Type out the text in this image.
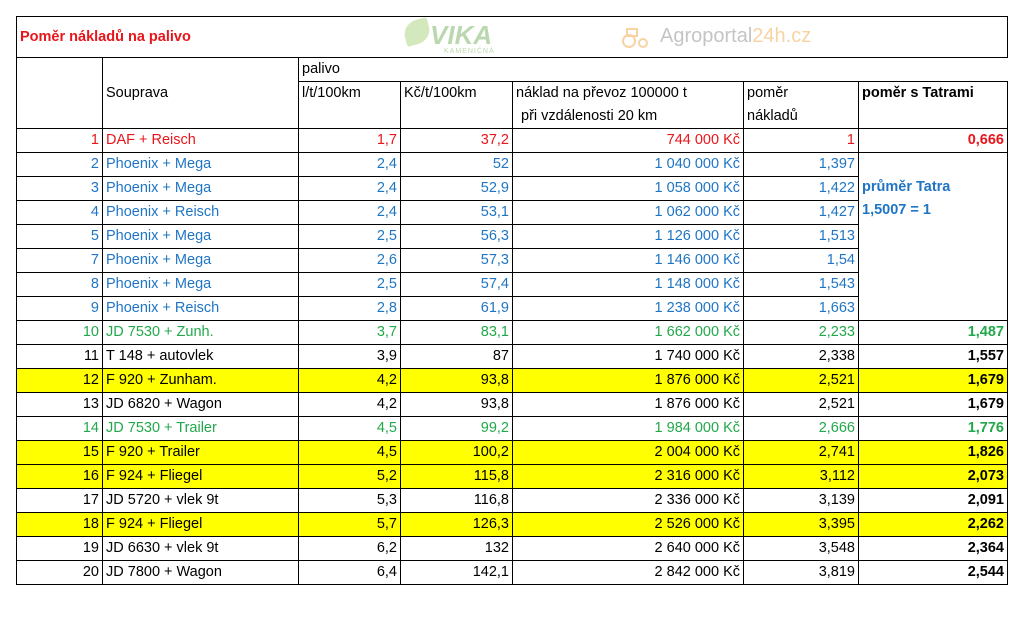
Poměr nákladů na palivo						
		palivo				
	Souprava	l/t/100km	Kč/t/100km	náklad na převoz 100000 t	poměr	poměr s Tatrami
				při vzdálenosti 20 km	nákladů	
1	DAF + Reisch	1,7	37,2	744 000 Kč	1	0,666
2	Phoenix + Mega	2,4	52	1 040 000 Kč	1,397	průměr Tatra
1,5007 = 1

3	Phoenix + Mega	2,4	52,9	1 058 000 Kč	1,422	
4	Phoenix + Reisch	2,4	53,1	1 062 000 Kč	1,427	
5	Phoenix + Mega	2,5	56,3	1 126 000 Kč	1,513	
7	Phoenix + Mega	2,6	57,3	1 146 000 Kč	1,54	
8	Phoenix + Mega	2,5	57,4	1 148 000 Kč	1,543	
9	Phoenix + Reisch	2,8	61,9	1 238 000 Kč	1,663	
10	JD 7530 + Zunh.	3,7	83,1	1 662 000 Kč	2,233	1,487
11	T 148 + autovlek	3,9	87	1 740 000 Kč	2,338	1,557
12	F 920 + Zunham.	4,2	93,8	1 876 000 Kč	2,521	1,679
13	JD 6820 + Wagon	4,2	93,8	1 876 000 Kč	2,521	1,679
14	JD 7530 + Trailer	4,5	99,2	1 984 000 Kč	2,666	1,776
15	F 920 + Trailer	4,5	100,2	2 004 000 Kč	2,741	1,826
16	F 924 + Fliegel	5,2	115,8	2 316 000 Kč	3,112	2,073
17	JD 5720 + vlek 9t	5,3	116,8	2 336 000 Kč	3,139	2,091
18	F 924 + Fliegel	5,7	126,3	2 526 000 Kč	3,395	2,262
19	JD 6630 + vlek 9t	6,2	132	2 640 000 Kč	3,548	2,364
20	JD 7800 + Wagon	6,4	142,1	2 842 000 Kč	3,819	2,544
VIKA
KAMENIČNÁ
Agroportal24h.cz
